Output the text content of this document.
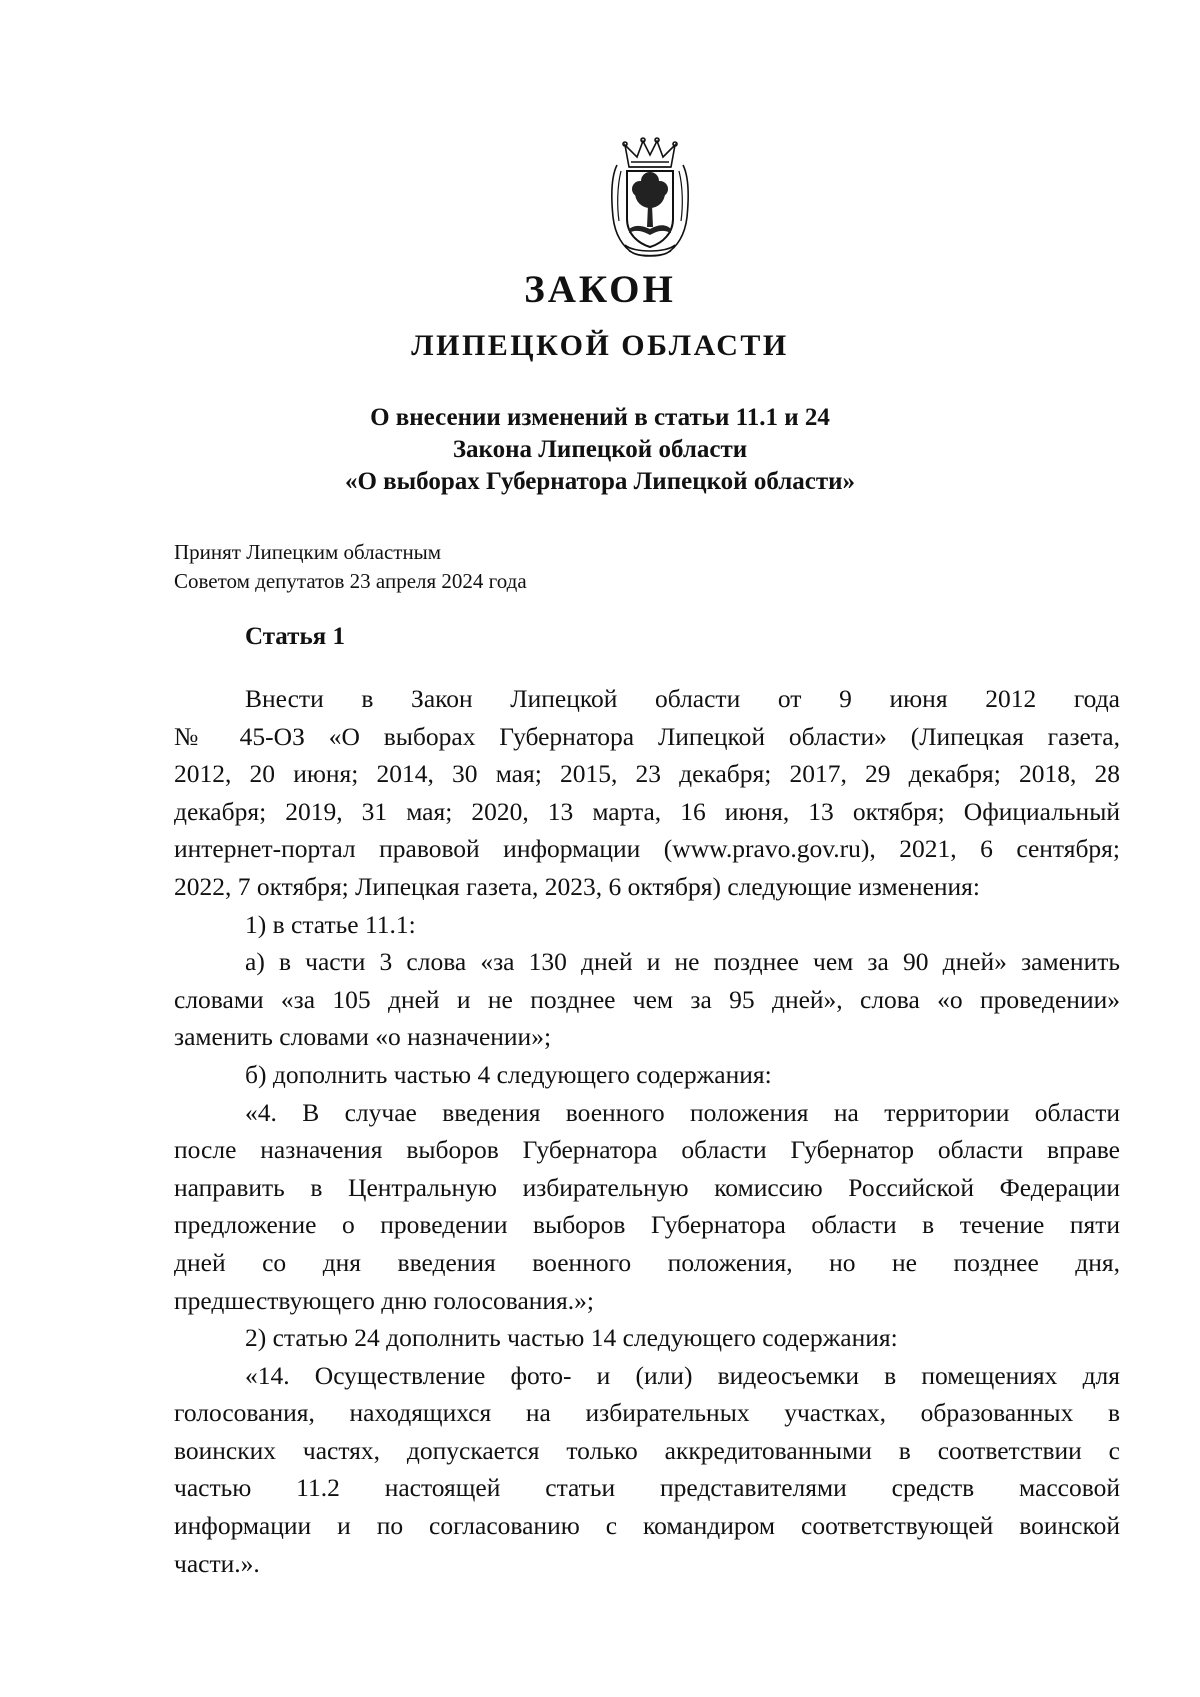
ЗАКОН
ЛИПЕЦКОЙ ОБЛАСТИ
О внесении изменений в статьи 11.1 и 24
Закона Липецкой области
«О выборах Губернатора Липецкой области»
Принят Липецким областным
Советом депутатов 23 апреля 2024 года
Статья 1
Внести в Закон Липецкой области от 9 июня 2012 года
№ 45-ОЗ «О выборах Губернатора Липецкой области» (Липецкая газета,
2012, 20 июня; 2014, 30 мая; 2015, 23 декабря; 2017, 29 декабря; 2018, 28
декабря; 2019, 31 мая; 2020, 13 марта, 16 июня, 13 октября; Официальный
интернет-портал правовой информации (www.pravo.gov.ru), 2021, 6 сентября;
2022, 7 октября; Липецкая газета, 2023, 6 октября) следующие изменения:
1) в статье 11.1:
а) в части 3 слова «за 130 дней и не позднее чем за 90 дней» заменить
словами «за 105 дней и не позднее чем за 95 дней», слова «о проведении»
заменить словами «о назначении»;
б) дополнить частью 4 следующего содержания:
«4. В случае введения военного положения на территории области
после назначения выборов Губернатора области Губернатор области вправе
направить в Центральную избирательную комиссию Российской Федерации
предложение о проведении выборов Губернатора области в течение пяти
дней со дня введения военного положения, но не позднее дня,
предшествующего дню голосования.»;
2) статью 24 дополнить частью 14 следующего содержания:
«14. Осуществление фото- и (или) видеосъемки в помещениях для
голосования, находящихся на избирательных участках, образованных в
воинских частях, допускается только аккредитованными в соответствии с
частью 11.2 настоящей статьи представителями средств массовой
информации и по согласованию с командиром соответствующей воинской
части.».
